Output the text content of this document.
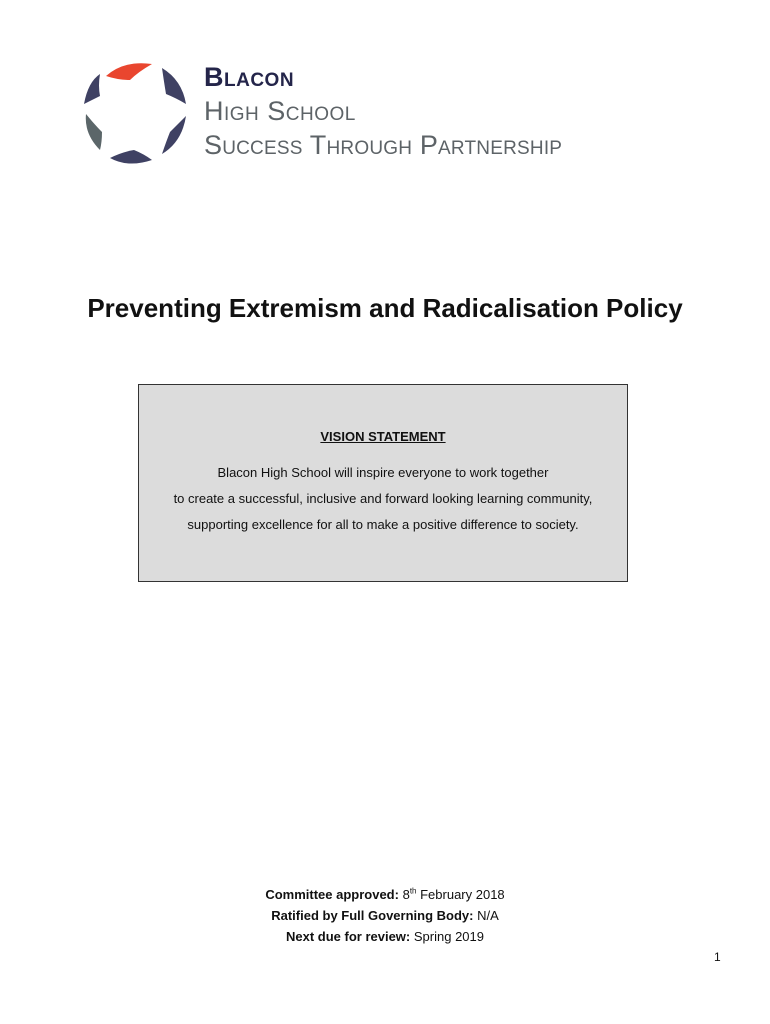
Blacon
High School
Success Through Partnership
Preventing Extremism and Radicalisation Policy
VISION STATEMENT
Blacon High School will inspire everyone to work together
to create a successful, inclusive and forward looking learning community,
supporting excellence for all to make a positive difference to society.
Committee approved: 8th February 2018
Ratified by Full Governing Body: N/A
Next due for review: Spring 2019
1
